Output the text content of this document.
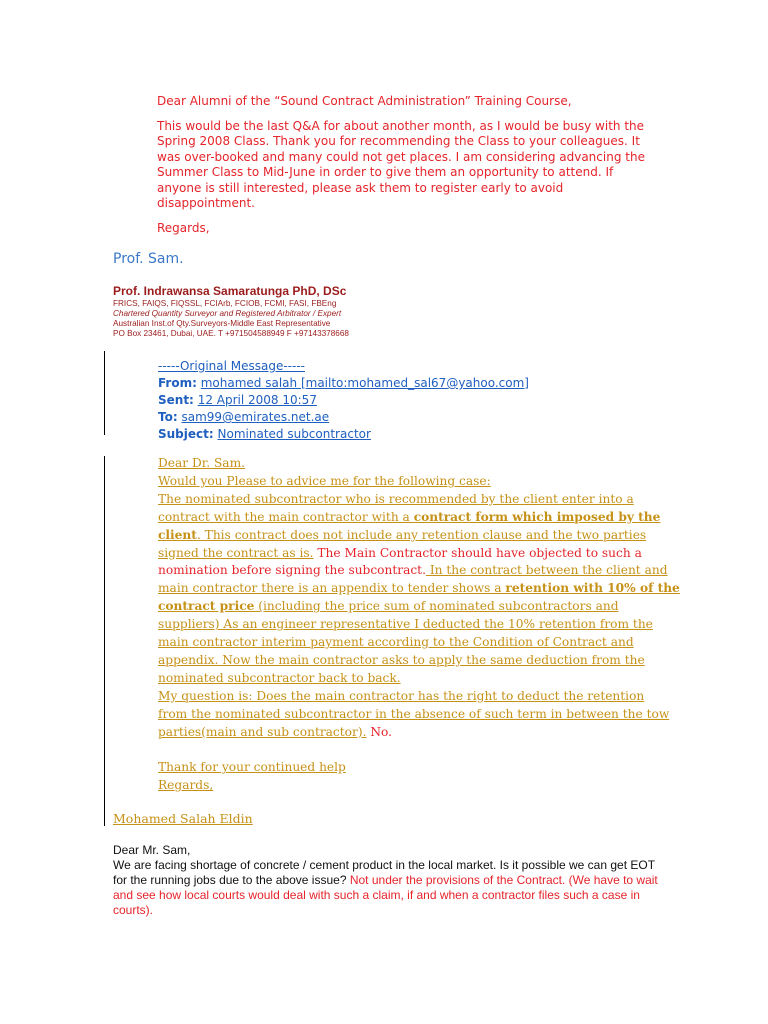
Dear Alumni of the “Sound Contract Administration” Training Course,

This would be the last Q&A for about another month, as I would be busy with the Spring 2008 Class. Thank you for recommending the Class to your colleagues. It was over-booked and many could not get places. I am considering advancing the Summer Class to Mid-June in order to give them an opportunity to attend. If anyone is still interested, please ask them to register early to avoid disappointment.

Regards,

Prof. Sam.
Prof. Indrawansa Samaratunga PhD, DSc
FRICS, FAIQS, FIQSSL, FCIArb, FCIOB, FCMI, FASI, FBEng
Chartered Quantity Surveyor and Registered Arbitrator / Expert
Australian Inst.of Qty.Surveyors-Middle East Representative
PO Box 23461, Dubai, UAE. T +971504588949 F +97143378668
-----Original Message-----
From: mohamed salah [mailto:mohamed_sal67@yahoo.com]
Sent: 12 April 2008 10:57
To: sam99@emirates.net.ae
Subject: Nominated subcontractor
Dear Dr. Sam.
Would you Please to advice me for the following case:
The nominated subcontractor who is recommended by the client enter into a
contract with the main contractor with a contract form which imposed by the
client. This contract does not include any retention clause and the two parties
signed the contract as is. The Main Contractor should have objected to such a
nomination before signing the subcontract. In the contract between the client and
main contractor there is an appendix to tender shows a retention with 10% of the
contract price (including the price sum of nominated subcontractors and
suppliers) As an engineer representative I deducted the 10% retention from the
main contractor interim payment according to the Condition of Contract and
appendix. Now the main contractor asks to apply the same deduction from the
nominated subcontractor back to back.
My question is: Does the main contractor has the right to deduct the retention
from the nominated subcontractor in the absence of such term in between the tow
parties(main and sub contractor). No.
Thank for your continued help
Regards,
Mohamed Salah Eldin
Dear Mr. Sam,
We are facing shortage of concrete / cement product in the local market. Is it possible we can get EOT for the running jobs due to the above issue? Not under the provisions of the Contract. (We have to wait and see how local courts would deal with such a claim, if and when a contractor files such a case in courts).
